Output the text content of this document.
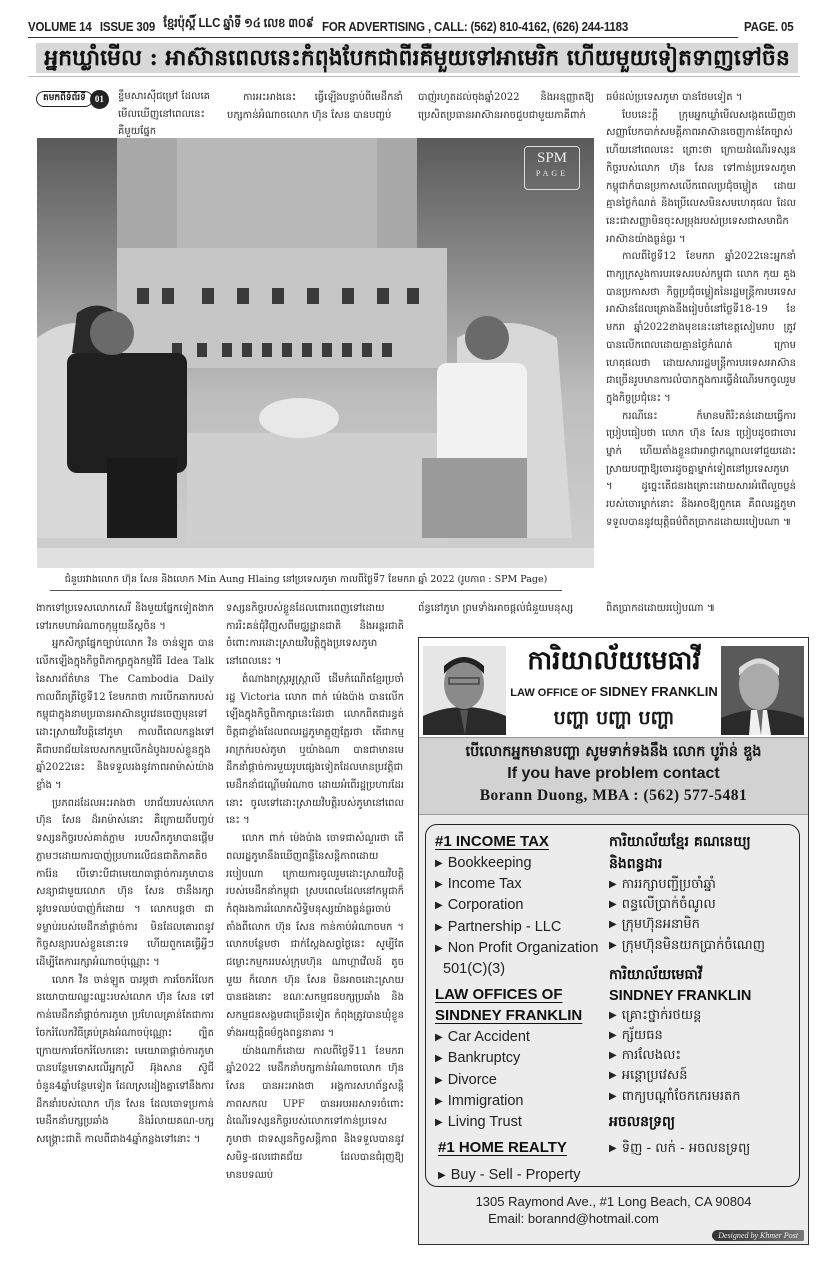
VOLUME 14 ISSUE 309 ខ្មែរប៉ុស្តិ៍ LLC ឆ្នាំទី ១៤ លេខ ៣០៩ FOR ADVERTISING , CALL: (562) 810-4162, (626) 244-1183	PAGE. 05
អ្នកឃ្លាំមើល : អាស៊ានពេលនេះកំពុងបែកជាពីរគឺមួយទៅអាមេរិក ហើយមួយទៀតទាញទៅចិន
តមកពីទំព័រទី	01	ខ្ទឹមសារស៊ីជម្រៅ ដែលគេមើលឃើញនៅពេលនេះ គឺមួយផ្នែក

ការអះអាងនេះ ធ្វើឡើងបន្ទាប់ពីមេដឹកនាំ បក្សកាន់អំណាចលោក ហ៊ុន សែន បានបញ្ចប់

បាញ់រហូតដល់ចុងឆ្នាំ2022 និងអនុញ្ញាតឱ្យ ប្រេសិតប្រធានអាស៊ានអាចជួបជាមួយភាគីពាក់

ធម៌ដល់ប្រទេសភូមា បានថែមទៀត ។

បែបនេះក្តី ក្រុមអ្នកឃ្លាំមើលសង្កេតឃើញថា សញ្ញាបែកបាក់សមគ្គីភាពអាស៊ានចេញកាន់តែច្បាស់ហើយនៅពេលនេះ ព្រោះថា ក្រោយដំណើរទស្សនកិច្ចរបស់លោក ហ៊ុន សែន ទៅកាន់ប្រទេសភូមា កម្ពុជាក៏បានប្រកាសលើកពេលប្រជុំចម្លៀត ដោយគ្មានថ្ងៃកំណត់ និងប្រើលេសមិនសមហេតុផល ដែលនេះជាសញ្ញាមិនចុះសម្រុងរបស់ប្រទេសជាសមាជិកអាស៊ានយ៉ាងធ្ងន់ធ្ងរ ។

កាលពីថ្ងៃទី12 ខែមករា ឆ្នាំ2022នេះអ្នកនាំពាក្យក្រសួងការបរទេសរបស់កម្ពុជា លោក កុយ គួង បានប្រកាសថា កិច្ចប្រជុំចម្លៀតនៃរដ្ឋមន្ត្រីការបរទេសអាស៊ានដែលគ្រោងនឹងរៀបចំនៅថ្ងៃទី18-19 ខែមករា ឆ្នាំ2022ខាងមុខនេះនៅខេត្តសៀមរាប ត្រូវបានលើកពេលដោយគ្មានថ្ងៃកំណត់ ក្រោមហេតុផលថា ដោយសាររដ្ឋមន្ត្រីការបរទេសអាស៊ានជាច្រើនរូបមានការលំបាកក្នុងការធ្វើដំណើរមកចូលរួមក្នុងកិច្ចប្រជុំនេះ ។

ករណីនេះ ក៏មានមតិរិះគន់ដោយធ្វើការប្រៀបធៀបថា លោក ហ៊ុន សែន ប្រៀបដូចជាចោរម្នាក់ ហើយតាំងខ្លួនជាអាជ្ញាកណ្តាលទៅជួយដោះស្រាយបញ្ហាឱ្យចោរដូចគ្នាម្នាក់ទៀតនៅប្រទេសភូមា ។ ដូច្នេះតើជនរងគ្រោះដោយសារអំពើលួចប្លន់របស់ចោរម្នាក់នោះ នឹងអាចឱ្យពួកគេ គឺពលរដ្ឋភូមាទទួលបាននូវយុត្តិធម៌ពិតប្រាកដដោយរបៀបណា ៕

SPM
PAGE
ជំនួបរវាងលោក ហ៊ុន សែន និងលោក Min Aung Hlaing នៅប្រទេសភូមា កាលពីថ្ងៃទី7 ខែមករា ឆ្នាំ 2022 (រូបភាព : SPM Page)

ងាកទៅប្រទេសលោកសេរី និងមួយផ្នែកទៀតងាកទៅរកមហាអំណាចកុម្មុយនីស្តចិន ។

អ្នកសិក្សាផ្នែកច្បាប់លោក វិន ចាន់ឡូត បានលើកឡើងក្នុងកិច្ចពិភាក្សាក្នុងកម្មវិធី Idea Talk នៃសារព័ត៌មាន The Cambodia Daily កាលពីរាត្រីថ្ងៃទី12 ខែមករាថា ការបើកឆាករបស់កម្ពុជាក្នុងនាមប្រធានអាស៊ានប្តូរវេនចេញមុនទៅដោះស្រាយវិបត្តិនៅភូមា កាលពីពេលកន្លងទៅ គឺជាបរាជ័យនៃបេសកកម្មលើកដំបូងរបស់ខ្លួនក្នុងឆ្នាំ2022នេះ និងទទួលរងនូវភាពអាម៉ាស់យ៉ាងខ្លាំង ។

ប្រភពដដែលអះអាងថា បរាជ័យរបស់លោក ហ៊ុន សែន ដ៏អាម៉ាស់នោះ គឺក្រោយពីបញ្ចប់ទស្សនកិច្ចរបស់គាត់ភ្លាម របបសឹកភូមាបានផ្តើមភ្លាមៗដោយការបាញ់ប្រហារលើជនជាតិភាគតិចការ៉ែន បើទោះបីជាមេយោធាផ្តាច់ការភូមាបានសន្យាជាមួយលោក ហ៊ុន សែន ថានឹងរក្សានូវបទឈប់បាញ់ក៏ដោយ ។ លោកបន្តថា ជាទម្លាប់របស់មេដឹកនាំផ្តាច់ការ មិនដែលគោរពនូវកិច្ចសន្យារបស់ខ្លួននោះទេ ហើយពួកគេធ្វើអ្វីៗដើម្បីតែការរក្សាអំណាចប៉ុណ្ណោះ ។

លោក វិន ចាន់ឡូត បារម្ភថា ការចែករំលែកនយោបាយឈ្លះឈ្លះរបស់លោក ហ៊ុន សែន ទៅកាន់មេដឹកនាំផ្តាច់ការភូមា ប្រហែលគ្រាន់តែជាការចែករំលែកវិធីគ្រប់គ្រងអំណាចប៉ុណ្ណោះ ព្បិតក្រោយការចែករំលែកនោះ មេយោធាផ្តាច់ការភូមាបានបន្ថែមទោសលើអ្នកស្រី អ៊ុងសាន ស៊ូជី ចំនួន4ឆ្នាំបន្ថែមទៀត ដែលស្រដៀងគ្នាទៅនឹងការដឹកនាំរបស់លោក ហ៊ុន សែន ដែលចោទប្រកាន់មេដឹកនាំបក្សប្រឆាំង និងរំលាយគណ-បក្សសង្គ្រោះជាតិ កាលពីជាង4ឆ្នាំកន្លងទៅនោះ ។

ទស្សនកិច្ចរបស់ខ្លួនដែលពោរពេញទៅដោយការរិះគន់ជុំវិញសពីមជ្ឈដ្ឋានជាតិ និងអន្តរជាតិ ចំពោះការដោះស្រាយវិបត្តិក្នុងប្រទេសភូមា នៅពេលនេះ ។

តំណាងរាស្ត្រអូស្ត្រាលី ដើមកំណើតខ្មែរប្រចាំរដ្ឋ Victoria លោក ពាក់ ម៉េងប៉ាង បានលើកឡើងក្នុងកិច្ចពិភាក្សានេះដែរថា លោកពិតជារន្ធត់ចិត្តជាខ្លាំងដែលពលរដ្ឋភូមាត្អូញត្អែរថា តើជាកម្មអាក្រក់របស់ភូមា ឬយ៉ាងណា បានជាមានមេដឹកនាំផ្តាច់ការមួយរូបផ្សេងទៀតដែលមានប្រវត្តិជាមេដឹកនាំជណ្តើមអំណាច ដោយអំពើរដ្ឋប្រហារដែរនោះ ចូលទៅដោះស្រាយវិបត្តិរបស់ភូមានៅពេលនេះ ។

លោក ពាក់ ម៉េងប៉ាង ចោទជាសំណួរថា តើពលរដ្ឋភូមានឹងឃើញពន្លឺនៃសន្តិភាពដោយរបៀបណា ក្រោយការចូលរួមដោះស្រាយវិបត្តិរបស់មេដឹកនាំកម្ពុជា ស្របពេលដែលនៅកម្ពុជាក៏កំពុងរងការរំលោភសិទ្ធិមនុស្សយ៉ាងធ្ងន់ធ្ងរចាប់តាំងពីលោក ហ៊ុន សែន កាន់កាប់អំណាចមក ។ លោកបន្ថែមថា ជាក់ស្តែងសព្វថ្ងៃនេះ សូម្បីតែជម្លោះកម្មកររបស់ក្រុមហ៊ុន ណាហ្គាវើលដ៍ តូចមួយ ក៏លោក ហ៊ុន សែន មិនអាចដោះស្រាយបានផងនោះ ខណៈសកម្មជនបក្សប្រឆាំង និងសកម្មជនសង្គមជាច្រើនទៀត កំពុងត្រូវបានឃុំខ្លួនទាំងអយុត្តិធម៌ក្នុងពន្ធនាគារ ។

យ៉ាងណាក៏ដោយ កាលពីថ្ងៃទី11 ខែមករា ឆ្នាំ2022 មេដឹកនាំបក្សកាន់អំណាចលោក ហ៊ុន សែន បានអះអាងថា អង្គការសហព័ន្ធសន្តិភាពសកល UPF បានអបអរសាទរចំពោះដំណើរទស្សនកិច្ចរបស់លោកទៅកាន់ប្រទេសភូមាថា ជាទស្សនកិច្ចសន្តិភាព និងទទួលបាននូវសមិទ្ធ-ផលជោគជ័យ ដែលបានជំរុញឱ្យមានបទឈប់

ព័ន្ធនៅភូមា ព្រមទាំងអាចផ្តល់ជំនួយមនុស្ស	ពិតប្រាកដដោយរបៀបណា ៕

ការិយាល័យមេធាវី
LAW OFFICE OF SIDNEY FRANKLIN
បញ្ហា បញ្ហា បញ្ហា
បើលោកអ្នកមានបញ្ហា សូមទាក់ទងនឹង លោក បូរ៉ាន់ ឌួង
If you have problem contact
Borann Duong, MBA : (562) 577-5481
#1 INCOME TAX
▶ Bookkeeping
▶ Income Tax
▶ Corporation
▶ Partnership - LLC
▶ Non Profit Organization
501(C)(3)
LAW OFFICES OF
SINDNEY FRANKLIN
▶ Car Accident
▶ Bankruptcy
▶ Divorce
▶ Immigration
▶ Living Trust
#1 HOME REALTY
▶ Buy - Sell - Property
ការិយាល័យខ្មែរ គណនេយ្យ
និងពន្ធដារ
▶ ការរក្សាបញ្ជីប្រចាំឆ្នាំ
▶ ពន្ធលើប្រាក់ចំណូល
▶ ក្រុមហ៊ុនអនាមិក
▶ ក្រុមហ៊ុនមិនយកប្រាក់ចំណេញ
ការិយាល័យមេធាវី
SINDNEY FRANKLIN
▶ គ្រោះថ្នាក់រថយន្ត
▶ ក្ស័យធន
▶ ការលែងលះ
▶ អន្តោប្រវេសន៍
▶ ពាក្យបណ្តាំចែកកេរមរតក
អចលនទ្រព្យ
▶ ទិញ - លក់ - អចលនទ្រព្យ
1305 Raymond Ave., #1 Long Beach, CA 90804
Email: borannd@hotmail.com
Designed by Khmer Post
